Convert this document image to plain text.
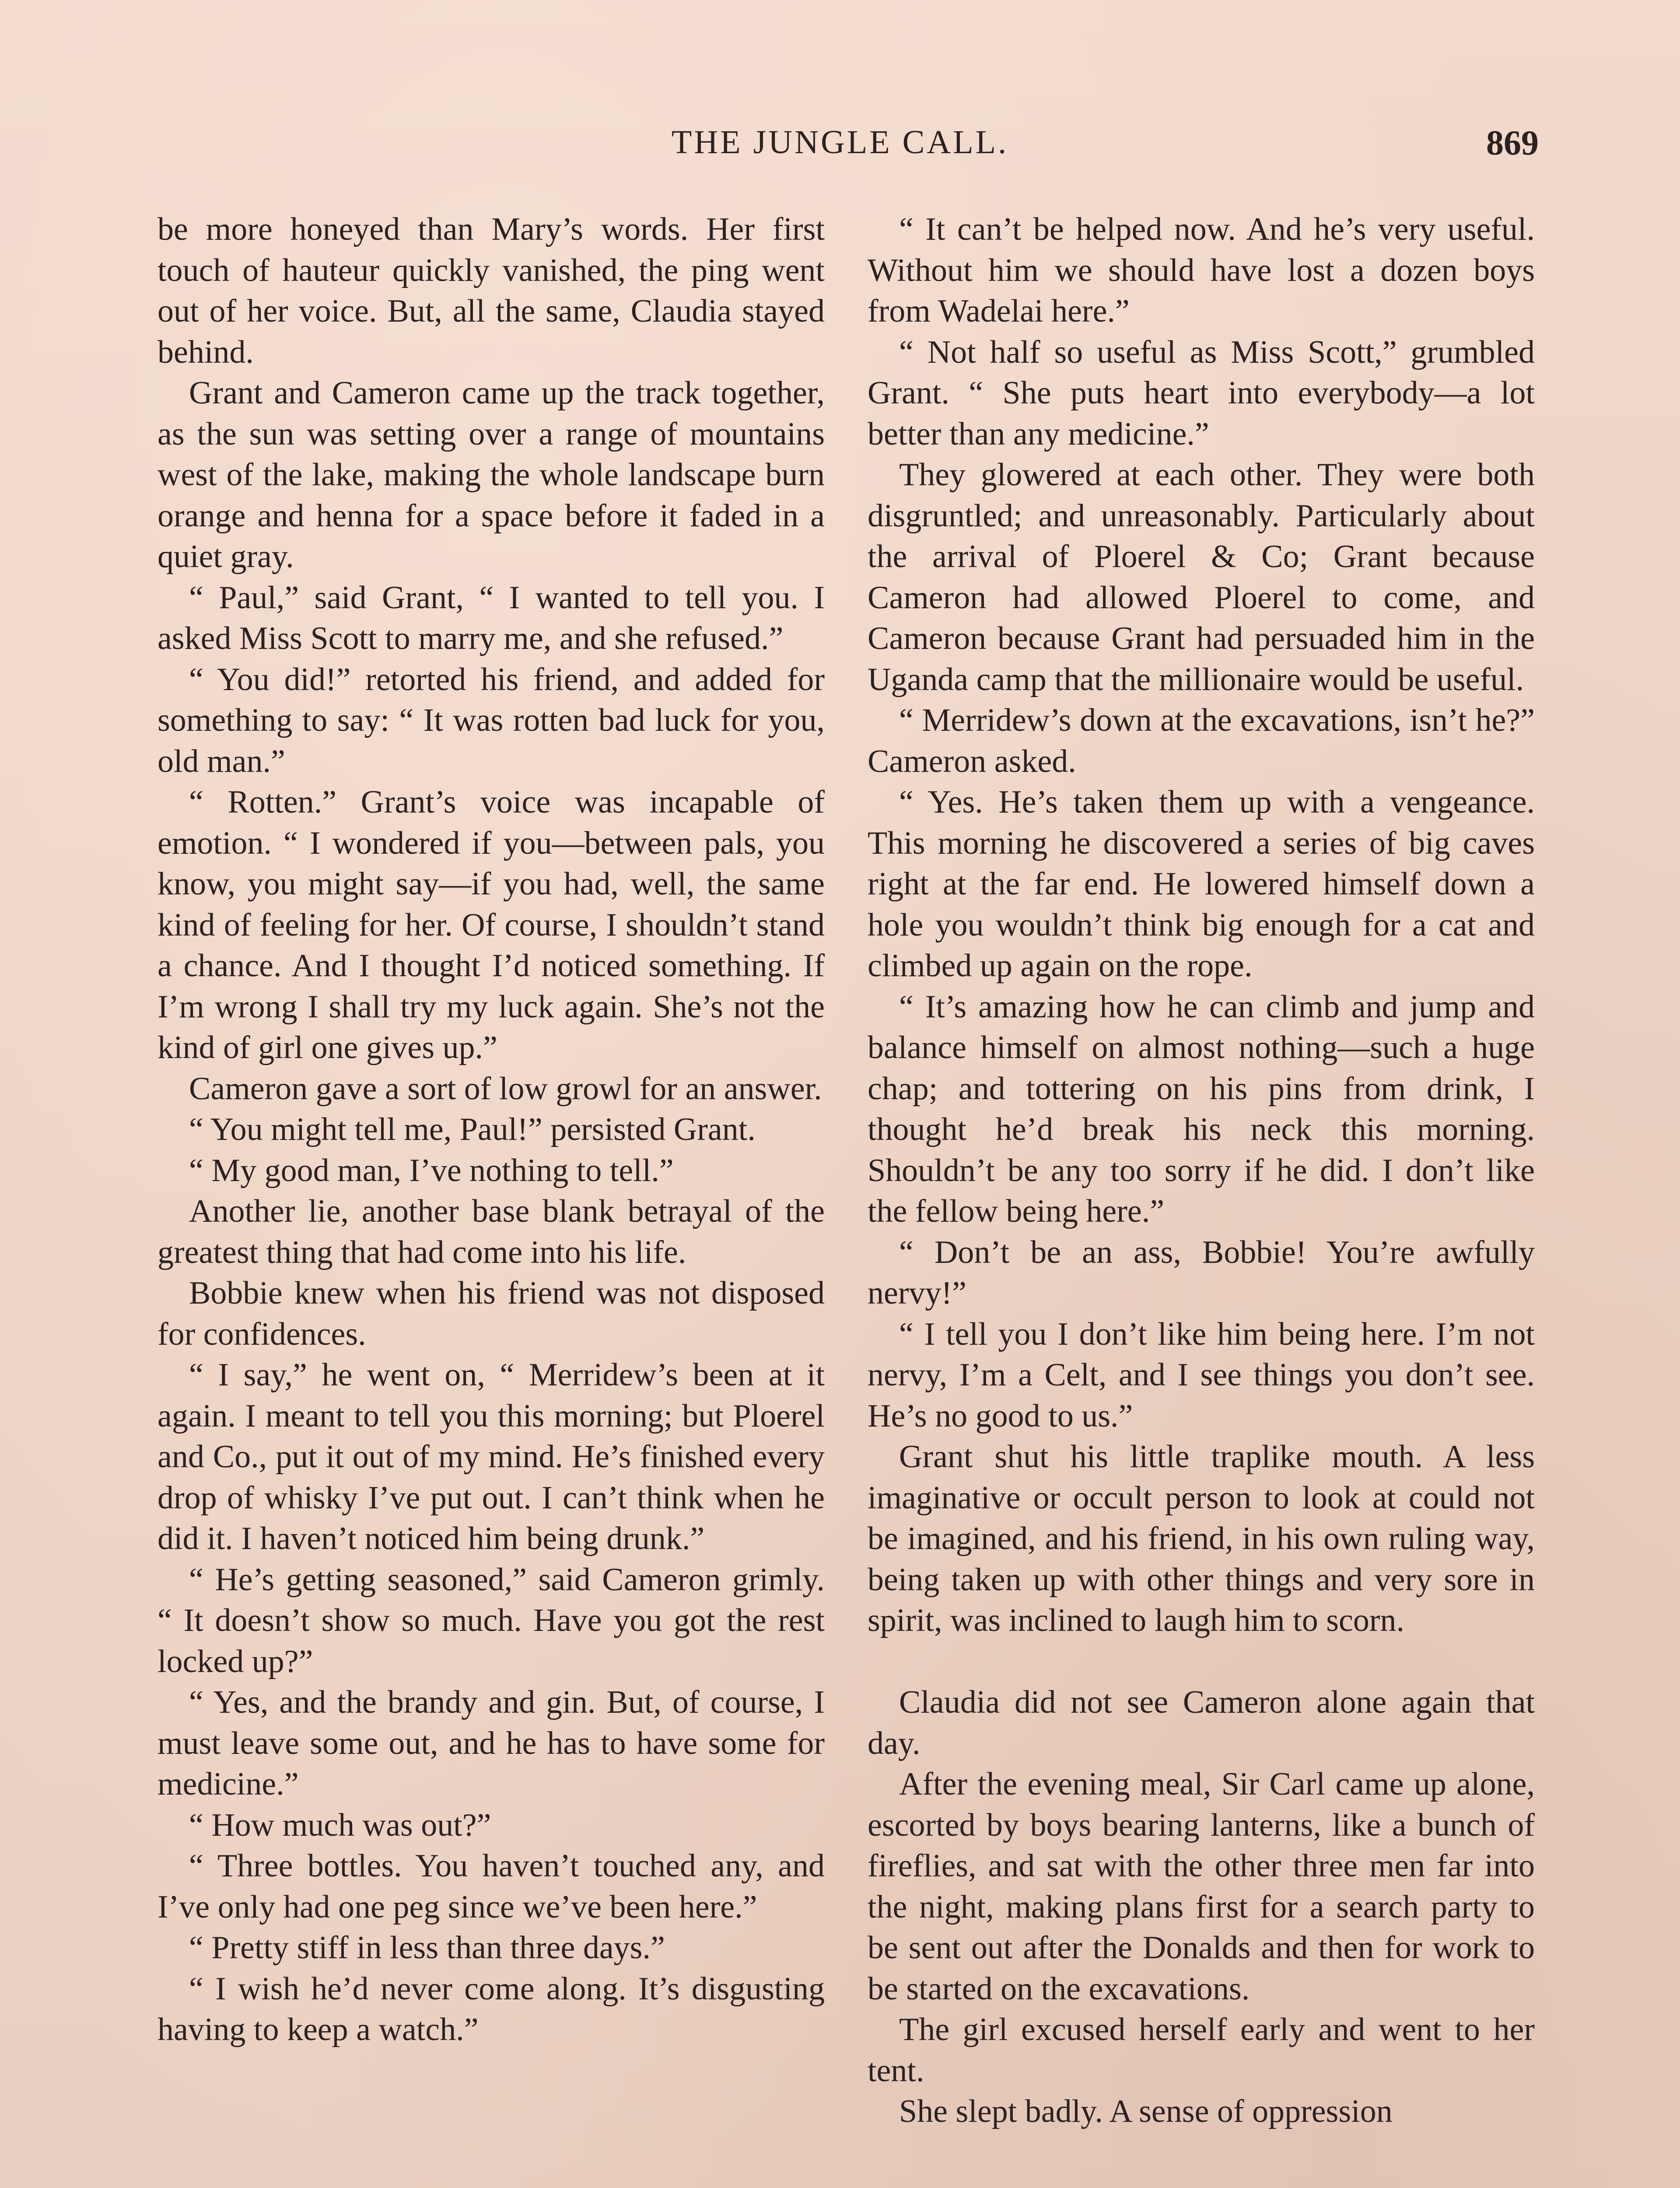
THE JUNGLE CALL.	869

be more honeyed than Mary’s words. Her first touch of hauteur quickly vanished, the ping went out of her voice. But, all the same, Claudia stayed behind.

Grant and Cameron came up the track together, as the sun was setting over a range of mountains west of the lake, making the whole landscape burn orange and henna for a space before it faded in a quiet gray.

“ Paul,” said Grant, “ I wanted to tell you. I asked Miss Scott to marry me, and she refused.”

“ You did!” retorted his friend, and added for something to say: “ It was rotten bad luck for you, old man.”

“ Rotten.” Grant’s voice was incapable of emotion. “ I wondered if you—between pals, you know, you might say—if you had, well, the same kind of feeling for her. Of course, I shouldn’t stand a chance. And I thought I’d noticed something. If I’m wrong I shall try my luck again. She’s not the kind of girl one gives up.”

Cameron gave a sort of low growl for an answer.

“ You might tell me, Paul!” persisted Grant.

“ My good man, I’ve nothing to tell.”

Another lie, another base blank betrayal of the greatest thing that had come into his life.

Bobbie knew when his friend was not disposed for confidences.

“ I say,” he went on, “ Merridew’s been at it again. I meant to tell you this morning; but Ploerel and Co., put it out of my mind. He’s finished every drop of whisky I’ve put out. I can’t think when he did it. I haven’t noticed him being drunk.”

“ He’s getting seasoned,” said Cameron grimly. “ It doesn’t show so much. Have you got the rest locked up?”

“ Yes, and the brandy and gin. But, of course, I must leave some out, and he has to have some for medicine.”

“ How much was out?”

“ Three bottles. You haven’t touched any, and I’ve only had one peg since we’ve been here.”

“ Pretty stiff in less than three days.”

“ I wish he’d never come along. It’s disgusting having to keep a watch.”

“ It can’t be helped now. And he’s very useful. Without him we should have lost a dozen boys from Wadelai here.”

“ Not half so useful as Miss Scott,” grumbled Grant. “ She puts heart into everybody—a lot better than any medicine.”

They glowered at each other. They were both disgruntled; and unreasonably. Particularly about the arrival of Ploerel & Co; Grant because Cameron had allowed Ploerel to come, and Cameron because Grant had persuaded him in the Uganda camp that the millionaire would be useful.

“ Merridew’s down at the excavations, isn’t he?” Cameron asked.

“ Yes. He’s taken them up with a vengeance. This morning he discovered a series of big caves right at the far end. He lowered himself down a hole you wouldn’t think big enough for a cat and climbed up again on the rope.

“ It’s amazing how he can climb and jump and balance himself on almost nothing—such a huge chap; and tottering on his pins from drink, I thought he’d break his neck this morning. Shouldn’t be any too sorry if he did. I don’t like the fellow being here.”

“ Don’t be an ass, Bobbie! You’re awfully nervy!”

“ I tell you I don’t like him being here. I’m not nervy, I’m a Celt, and I see things you don’t see. He’s no good to us.”

Grant shut his little traplike mouth. A less imaginative or occult person to look at could not be imagined, and his friend, in his own ruling way, being taken up with other things and very sore in spirit, was inclined to laugh him to scorn.

Claudia did not see Cameron alone again that day.

After the evening meal, Sir Carl came up alone, escorted by boys bearing lanterns, like a bunch of fireflies, and sat with the other three men far into the night, making plans first for a search party to be sent out after the Donalds and then for work to be started on the excavations.

The girl excused herself early and went to her tent.

She slept badly. A sense of oppression
